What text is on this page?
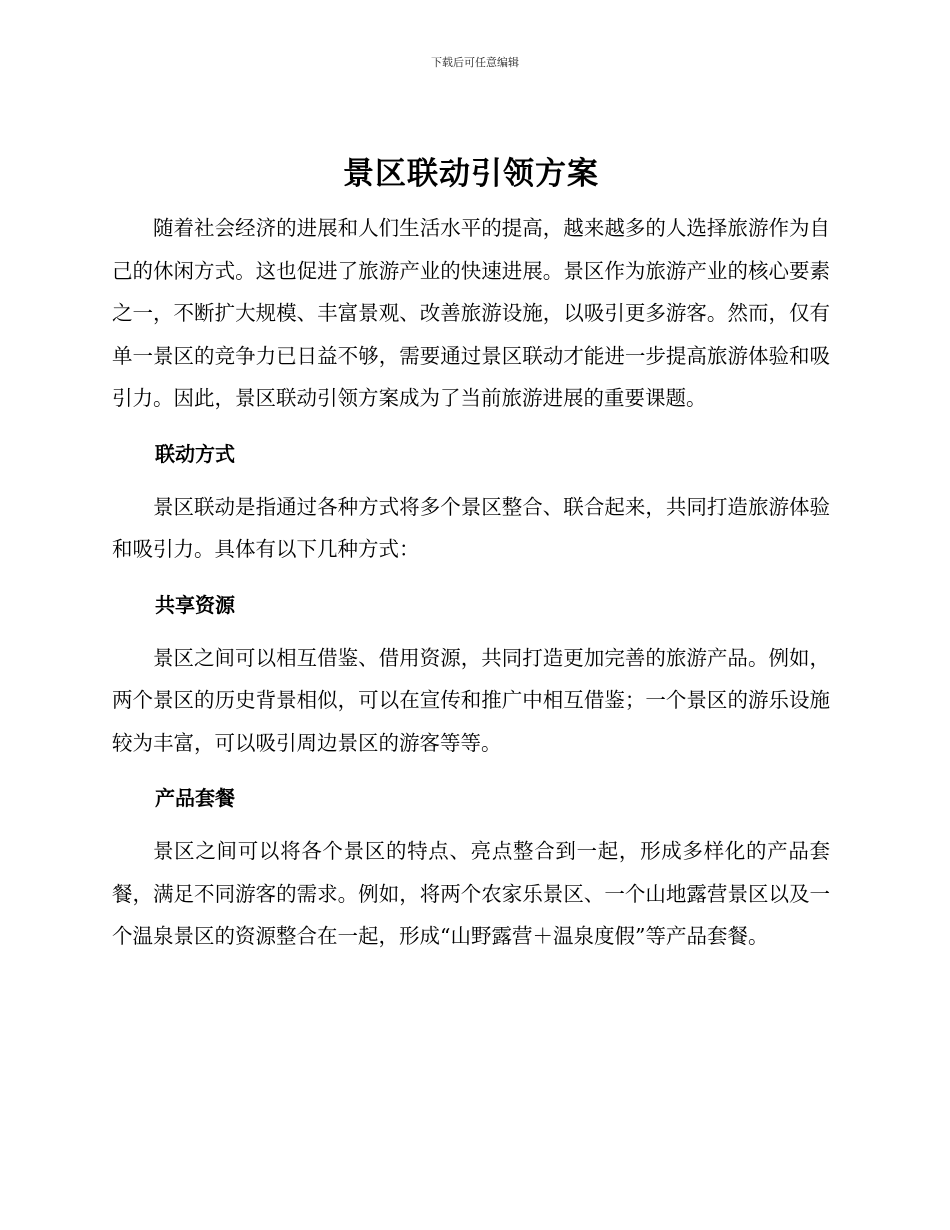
下载后可任意编辑
景区联动引领方案

随着社会经济的进展和人们生活水平的提高，越来越多的人选择旅游作为自己的休闲方式。这也促进了旅游产业的快速进展。景区作为旅游产业的核心要素之一，不断扩大规模、丰富景观、改善旅游设施，以吸引更多游客。然而，仅有单一景区的竞争力已日益不够，需要通过景区联动才能进一步提高旅游体验和吸引力。因此，景区联动引领方案成为了当前旅游进展的重要课题。

联动方式

景区联动是指通过各种方式将多个景区整合、联合起来，共同打造旅游体验和吸引力。具体有以下几种方式：

共享资源

景区之间可以相互借鉴、借用资源，共同打造更加完善的旅游产品。例如，两个景区的历史背景相似，可以在宣传和推广中相互借鉴；一个景区的游乐设施较为丰富，可以吸引周边景区的游客等等。

产品套餐

景区之间可以将各个景区的特点、亮点整合到一起，形成多样化的产品套餐，满足不同游客的需求。例如，将两个农家乐景区、一个山地露营景区以及一个温泉景区的资源整合在一起，形成“山野露营＋温泉度假”等产品套餐。
